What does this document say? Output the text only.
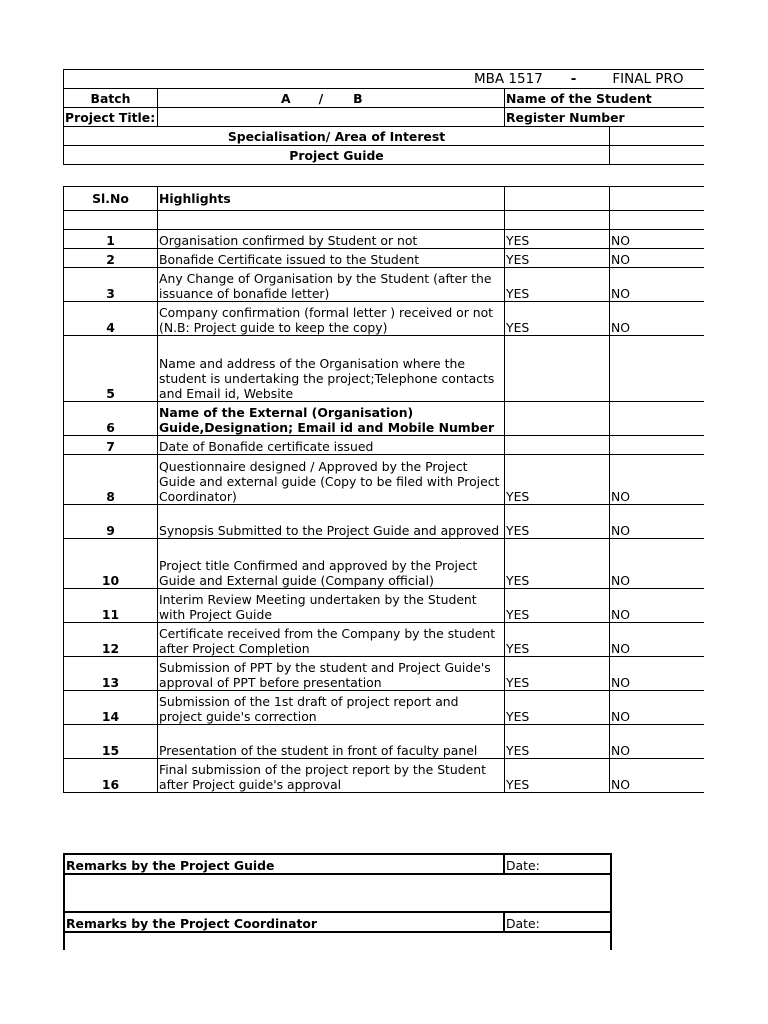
MBA 1517 - FINAL PRO			
Batch	A / B	Name of the Student	
Project Title:		Register Number	
Specialisation/ Area of Interest			
Project Guide			
Sl.No	Highlights		

1	Organisation confirmed by Student or not	YES	NO
2	Bonafide Certificate issued to the Student	YES	NO
3	Any Change of Organisation by the Student (after the issuance of bonafide letter)	YES	NO
4	Company confirmation (formal letter ) received or not (N.B: Project guide to keep the copy)	YES	NO
5	Name and address of the Organisation where the student is undertaking the project;Telephone contacts and Email id, Website		
6	Name of the External (Organisation) Guide,Designation; Email id and Mobile Number		
7	Date of Bonafide certificate issued		
8	Questionnaire designed / Approved by the Project Guide and external guide (Copy to be filed with Project Coordinator)	YES	NO
9	Synopsis Submitted to the Project Guide and approved	YES	NO
10	Project title Confirmed and approved by the Project Guide and External guide (Company official)	YES	NO
11	Interim Review Meeting undertaken by the Student with Project Guide	YES	NO
12	Certificate received from the Company by the student after Project Completion	YES	NO
13	Submission of PPT by the student and Project Guide's approval of PPT before presentation	YES	NO
14	Submission of the 1st draft of project report and project guide's correction	YES	NO
15	Presentation of the student in front of faculty panel	YES	NO
16	Final submission of the project report by the Student after Project guide's approval	YES	NO
Remarks by the Project Guide	Date:

Remarks by the Project Coordinator	Date:
